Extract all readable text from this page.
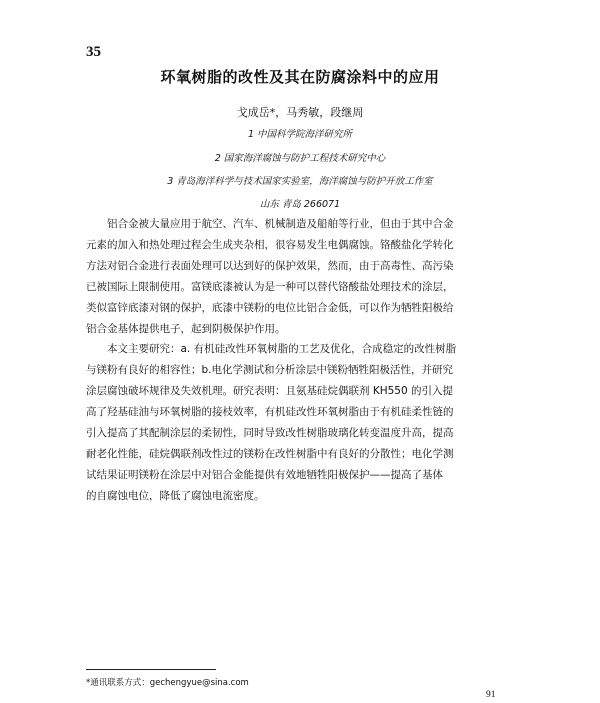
35
环氧树脂的改性及其在防腐涂料中的应用
戈成岳*，马秀敏，段继周
1 中国科学院海洋研究所
2 国家海洋腐蚀与防护工程技术研究中心
3 青岛海洋科学与技术国家实验室，海洋腐蚀与防护开放工作室
山东 青岛 266071
铝合金被大量应用于航空、汽车、机械制造及船舶等行业，但由于其中合金
元素的加入和热处理过程会生成夹杂相，很容易发生电偶腐蚀。铬酸盐化学转化
方法对铝合金进行表面处理可以达到好的保护效果，然而，由于高毒性、高污染
已被国际上限制使用。富镁底漆被认为是一种可以替代铬酸盐处理技术的涂层，
类似富锌底漆对钢的保护，底漆中镁粉的电位比铝合金低，可以作为牺牲阳极给
铝合金基体提供电子，起到阴极保护作用。
本文主要研究：a. 有机硅改性环氧树脂的工艺及优化，合成稳定的改性树脂
与镁粉有良好的相容性；b.电化学测试和分析涂层中镁粉牺牲阳极活性，并研究
涂层腐蚀破坏规律及失效机理。研究表明：且氨基硅烷偶联剂 KH550 的引入提
高了羟基硅油与环氧树脂的接枝效率，有机硅改性环氧树脂由于有机硅柔性链的
引入提高了其配制涂层的柔韧性，同时导致改性树脂玻璃化转变温度升高，提高
耐老化性能，硅烷偶联剂改性过的镁粉在改性树脂中有良好的分散性；电化学测
试结果证明镁粉在涂层中对铝合金能提供有效地牺牲阳极保护——提高了基体
的自腐蚀电位，降低了腐蚀电流密度。
*通讯联系方式：gechengyue@sina.com
91
